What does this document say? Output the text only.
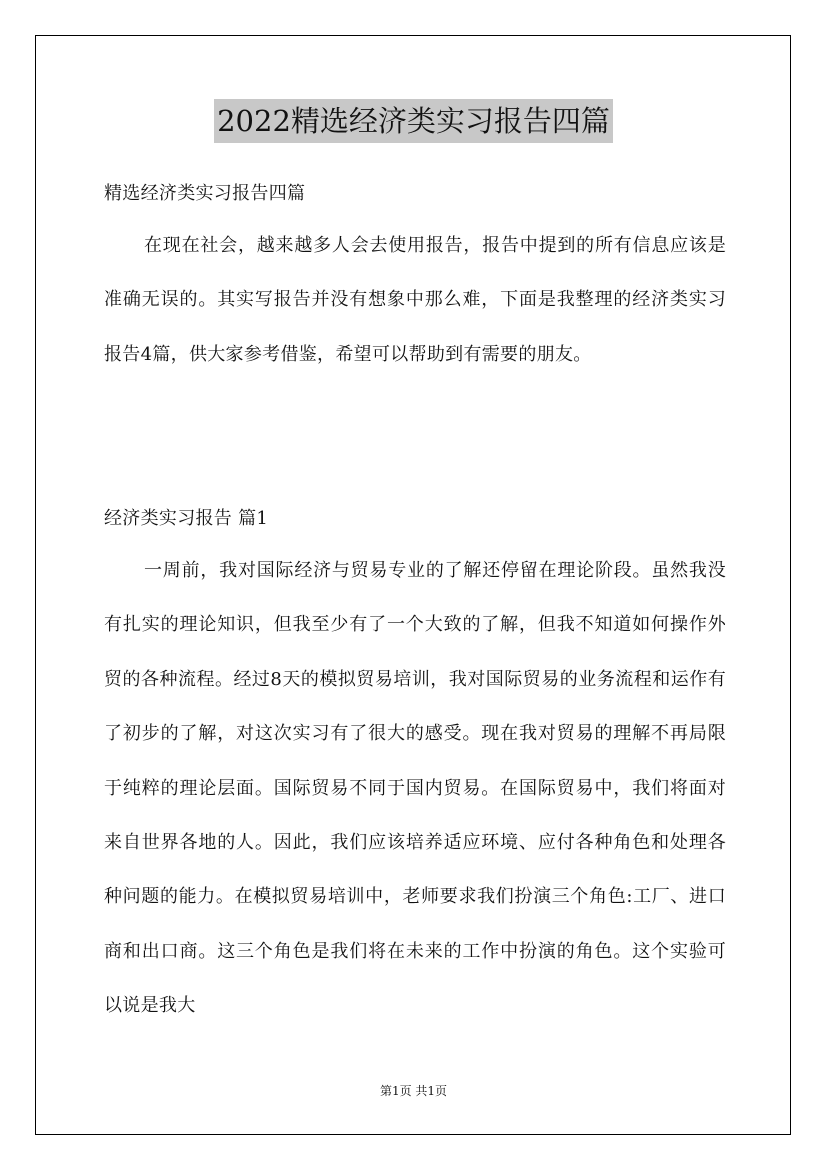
2022精选经济类实习报告四篇
精选经济类实习报告四篇
在现在社会，越来越多人会去使用报告，报告中提到的所有信息应该是准确无误的。其实写报告并没有想象中那么难，下面是我整理的经济类实习报告4篇，供大家参考借鉴，希望可以帮助到有需要的朋友。
经济类实习报告 篇1
一周前，我对国际经济与贸易专业的了解还停留在理论阶段。虽然我没有扎实的理论知识，但我至少有了一个大致的了解，但我不知道如何操作外贸的各种流程。经过8天的模拟贸易培训，我对国际贸易的业务流程和运作有了初步的了解，对这次实习有了很大的感受。现在我对贸易的理解不再局限于纯粹的理论层面。国际贸易不同于国内贸易。在国际贸易中，我们将面对来自世界各地的人。因此，我们应该培养适应环境、应付各种角色和处理各种问题的能力。在模拟贸易培训中，老师要求我们扮演三个角色:工厂、进口商和出口商。这三个角色是我们将在未来的工作中扮演的角色。这个实验可以说是我大
第1页 共1页
